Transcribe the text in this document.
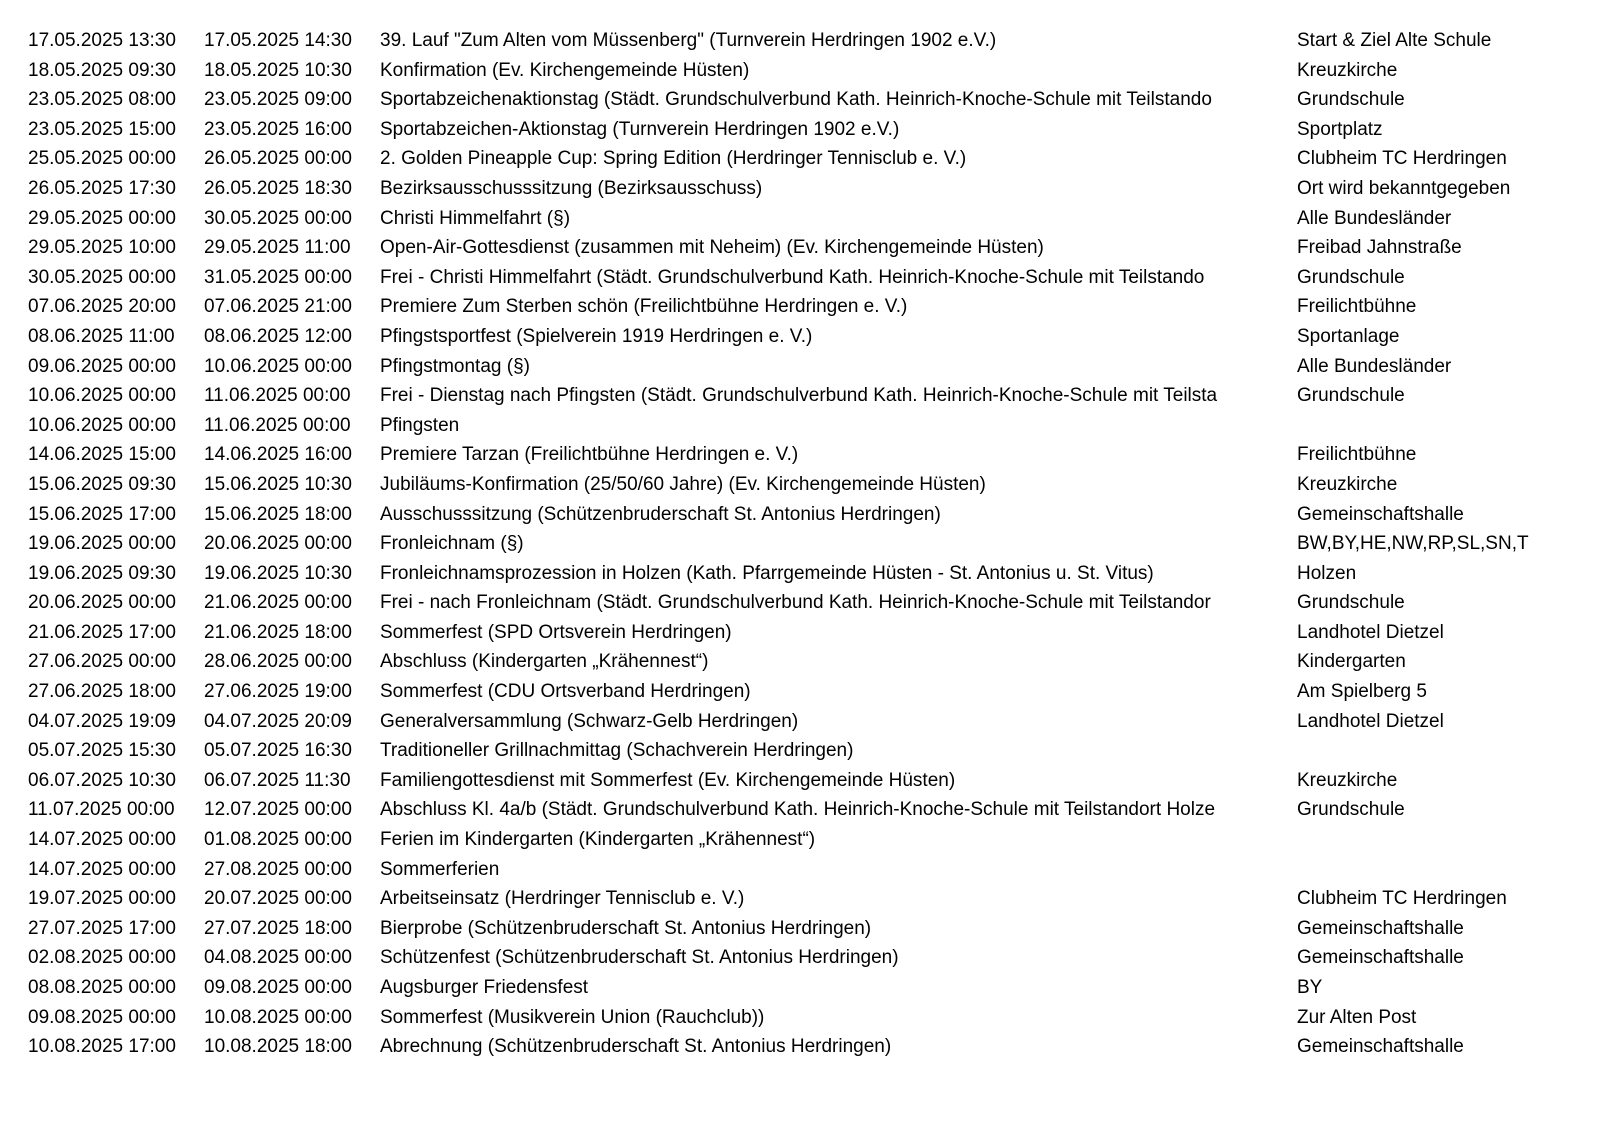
17.05.2025 13:30	17.05.2025 14:30	39. Lauf "Zum Alten vom Müssenberg" (Turnverein Herdringen 1902 e.V.)	Start & Ziel Alte Schule
18.05.2025 09:30	18.05.2025 10:30	Konfirmation (Ev. Kirchengemeinde Hüsten)	Kreuzkirche
23.05.2025 08:00	23.05.2025 09:00	Sportabzeichenaktionstag (Städt. Grundschulverbund Kath. Heinrich-Knoche-Schule mit Teilstando	Grundschule
23.05.2025 15:00	23.05.2025 16:00	Sportabzeichen-Aktionstag (Turnverein Herdringen 1902 e.V.)	Sportplatz
25.05.2025 00:00	26.05.2025 00:00	2. Golden Pineapple Cup: Spring Edition (Herdringer Tennisclub e. V.)	Clubheim TC Herdringen
26.05.2025 17:30	26.05.2025 18:30	Bezirksausschusssitzung (Bezirksausschuss)	Ort wird bekanntgegeben
29.05.2025 00:00	30.05.2025 00:00	Christi Himmelfahrt (§)	Alle Bundesländer
29.05.2025 10:00	29.05.2025 11:00	Open-Air-Gottesdienst (zusammen mit Neheim) (Ev. Kirchengemeinde Hüsten)	Freibad Jahnstraße
30.05.2025 00:00	31.05.2025 00:00	Frei - Christi Himmelfahrt (Städt. Grundschulverbund Kath. Heinrich-Knoche-Schule mit Teilstando	Grundschule
07.06.2025 20:00	07.06.2025 21:00	Premiere Zum Sterben schön (Freilichtbühne Herdringen e. V.)	Freilichtbühne
08.06.2025 11:00	08.06.2025 12:00	Pfingstsportfest (Spielverein 1919 Herdringen e. V.)	Sportanlage
09.06.2025 00:00	10.06.2025 00:00	Pfingstmontag (§)	Alle Bundesländer
10.06.2025 00:00	11.06.2025 00:00	Frei - Dienstag nach Pfingsten (Städt. Grundschulverbund Kath. Heinrich-Knoche-Schule mit Teilsta	Grundschule
10.06.2025 00:00	11.06.2025 00:00	Pfingsten
14.06.2025 15:00	14.06.2025 16:00	Premiere Tarzan (Freilichtbühne Herdringen e. V.)	Freilichtbühne
15.06.2025 09:30	15.06.2025 10:30	Jubiläums-Konfirmation (25/50/60 Jahre) (Ev. Kirchengemeinde Hüsten)	Kreuzkirche
15.06.2025 17:00	15.06.2025 18:00	Ausschusssitzung (Schützenbruderschaft St. Antonius Herdringen)	Gemeinschaftshalle
19.06.2025 00:00	20.06.2025 00:00	Fronleichnam (§)	BW,BY,HE,NW,RP,SL,SN,T
19.06.2025 09:30	19.06.2025 10:30	Fronleichnamsprozession in Holzen (Kath. Pfarrgemeinde Hüsten - St. Antonius u. St. Vitus)	Holzen
20.06.2025 00:00	21.06.2025 00:00	Frei - nach Fronleichnam (Städt. Grundschulverbund Kath. Heinrich-Knoche-Schule mit Teilstandor	Grundschule
21.06.2025 17:00	21.06.2025 18:00	Sommerfest (SPD Ortsverein Herdringen)	Landhotel Dietzel
27.06.2025 00:00	28.06.2025 00:00	Abschluss (Kindergarten „Krähennest“)	Kindergarten
27.06.2025 18:00	27.06.2025 19:00	Sommerfest (CDU Ortsverband Herdringen)	Am Spielberg 5
04.07.2025 19:09	04.07.2025 20:09	Generalversammlung (Schwarz-Gelb Herdringen)	Landhotel Dietzel
05.07.2025 15:30	05.07.2025 16:30	Traditioneller Grillnachmittag (Schachverein Herdringen)
06.07.2025 10:30	06.07.2025 11:30	Familiengottesdienst mit Sommerfest (Ev. Kirchengemeinde Hüsten)	Kreuzkirche
11.07.2025 00:00	12.07.2025 00:00	Abschluss Kl. 4a/b (Städt. Grundschulverbund Kath. Heinrich-Knoche-Schule mit Teilstandort Holze	Grundschule
14.07.2025 00:00	01.08.2025 00:00	Ferien im Kindergarten (Kindergarten „Krähennest“)
14.07.2025 00:00	27.08.2025 00:00	Sommerferien
19.07.2025 00:00	20.07.2025 00:00	Arbeitseinsatz (Herdringer Tennisclub e. V.)	Clubheim TC Herdringen
27.07.2025 17:00	27.07.2025 18:00	Bierprobe (Schützenbruderschaft St. Antonius Herdringen)	Gemeinschaftshalle
02.08.2025 00:00	04.08.2025 00:00	Schützenfest (Schützenbruderschaft St. Antonius Herdringen)	Gemeinschaftshalle
08.08.2025 00:00	09.08.2025 00:00	Augsburger Friedensfest	BY
09.08.2025 00:00	10.08.2025 00:00	Sommerfest (Musikverein Union (Rauchclub))	Zur Alten Post
10.08.2025 17:00	10.08.2025 18:00	Abrechnung (Schützenbruderschaft St. Antonius Herdringen)	Gemeinschaftshalle
